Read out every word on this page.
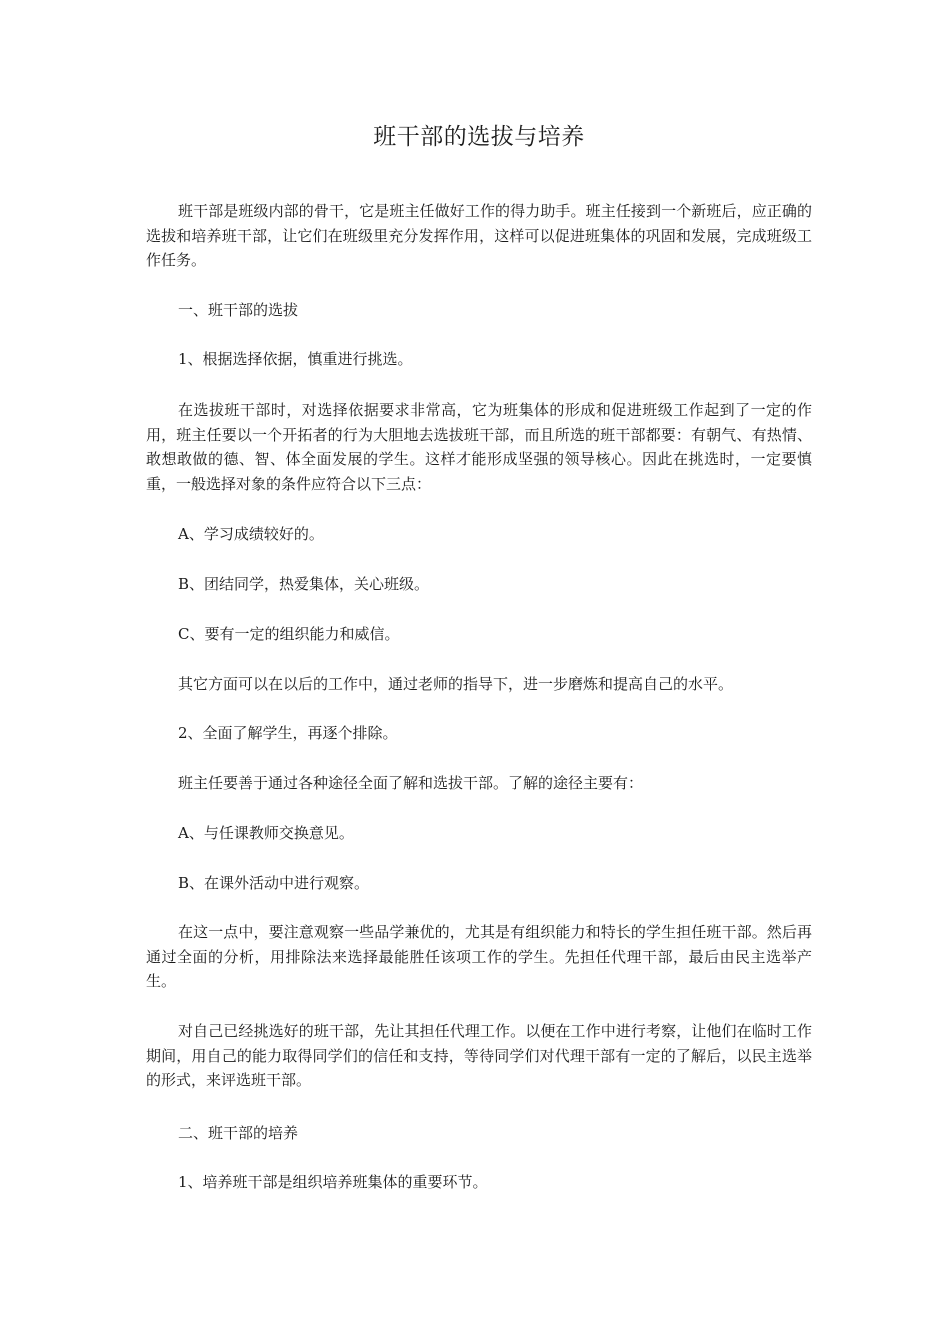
班干部的选拔与培养
班干部是班级内部的骨干，它是班主任做好工作的得力助手。班主任接到一个新班后，应正确的选拔和培养班干部，让它们在班级里充分发挥作用，这样可以促进班集体的巩固和发展，完成班级工作任务。
一、班干部的选拔
1、根据选择依据，慎重进行挑选。
在选拔班干部时，对选择依据要求非常高，它为班集体的形成和促进班级工作起到了一定的作用，班主任要以一个开拓者的行为大胆地去选拔班干部，而且所选的班干部都要：有朝气、有热情、敢想敢做的德、智、体全面发展的学生。这样才能形成坚强的领导核心。因此在挑选时，一定要慎重，一般选择对象的条件应符合以下三点：
A、学习成绩较好的。
B、团结同学，热爱集体，关心班级。
C、要有一定的组织能力和威信。
其它方面可以在以后的工作中，通过老师的指导下，进一步磨炼和提高自己的水平。
2、全面了解学生，再逐个排除。
班主任要善于通过各种途径全面了解和选拔干部。了解的途径主要有：
A、与任课教师交换意见。
B、在课外活动中进行观察。
在这一点中，要注意观察一些品学兼优的，尤其是有组织能力和特长的学生担任班干部。然后再通过全面的分析，用排除法来选择最能胜任该项工作的学生。先担任代理干部，最后由民主选举产生。
对自己已经挑选好的班干部，先让其担任代理工作。以便在工作中进行考察，让他们在临时工作期间，用自己的能力取得同学们的信任和支持，等待同学们对代理干部有一定的了解后，以民主选举的形式，来评选班干部。
二、班干部的培养
1、培养班干部是组织培养班集体的重要环节。
